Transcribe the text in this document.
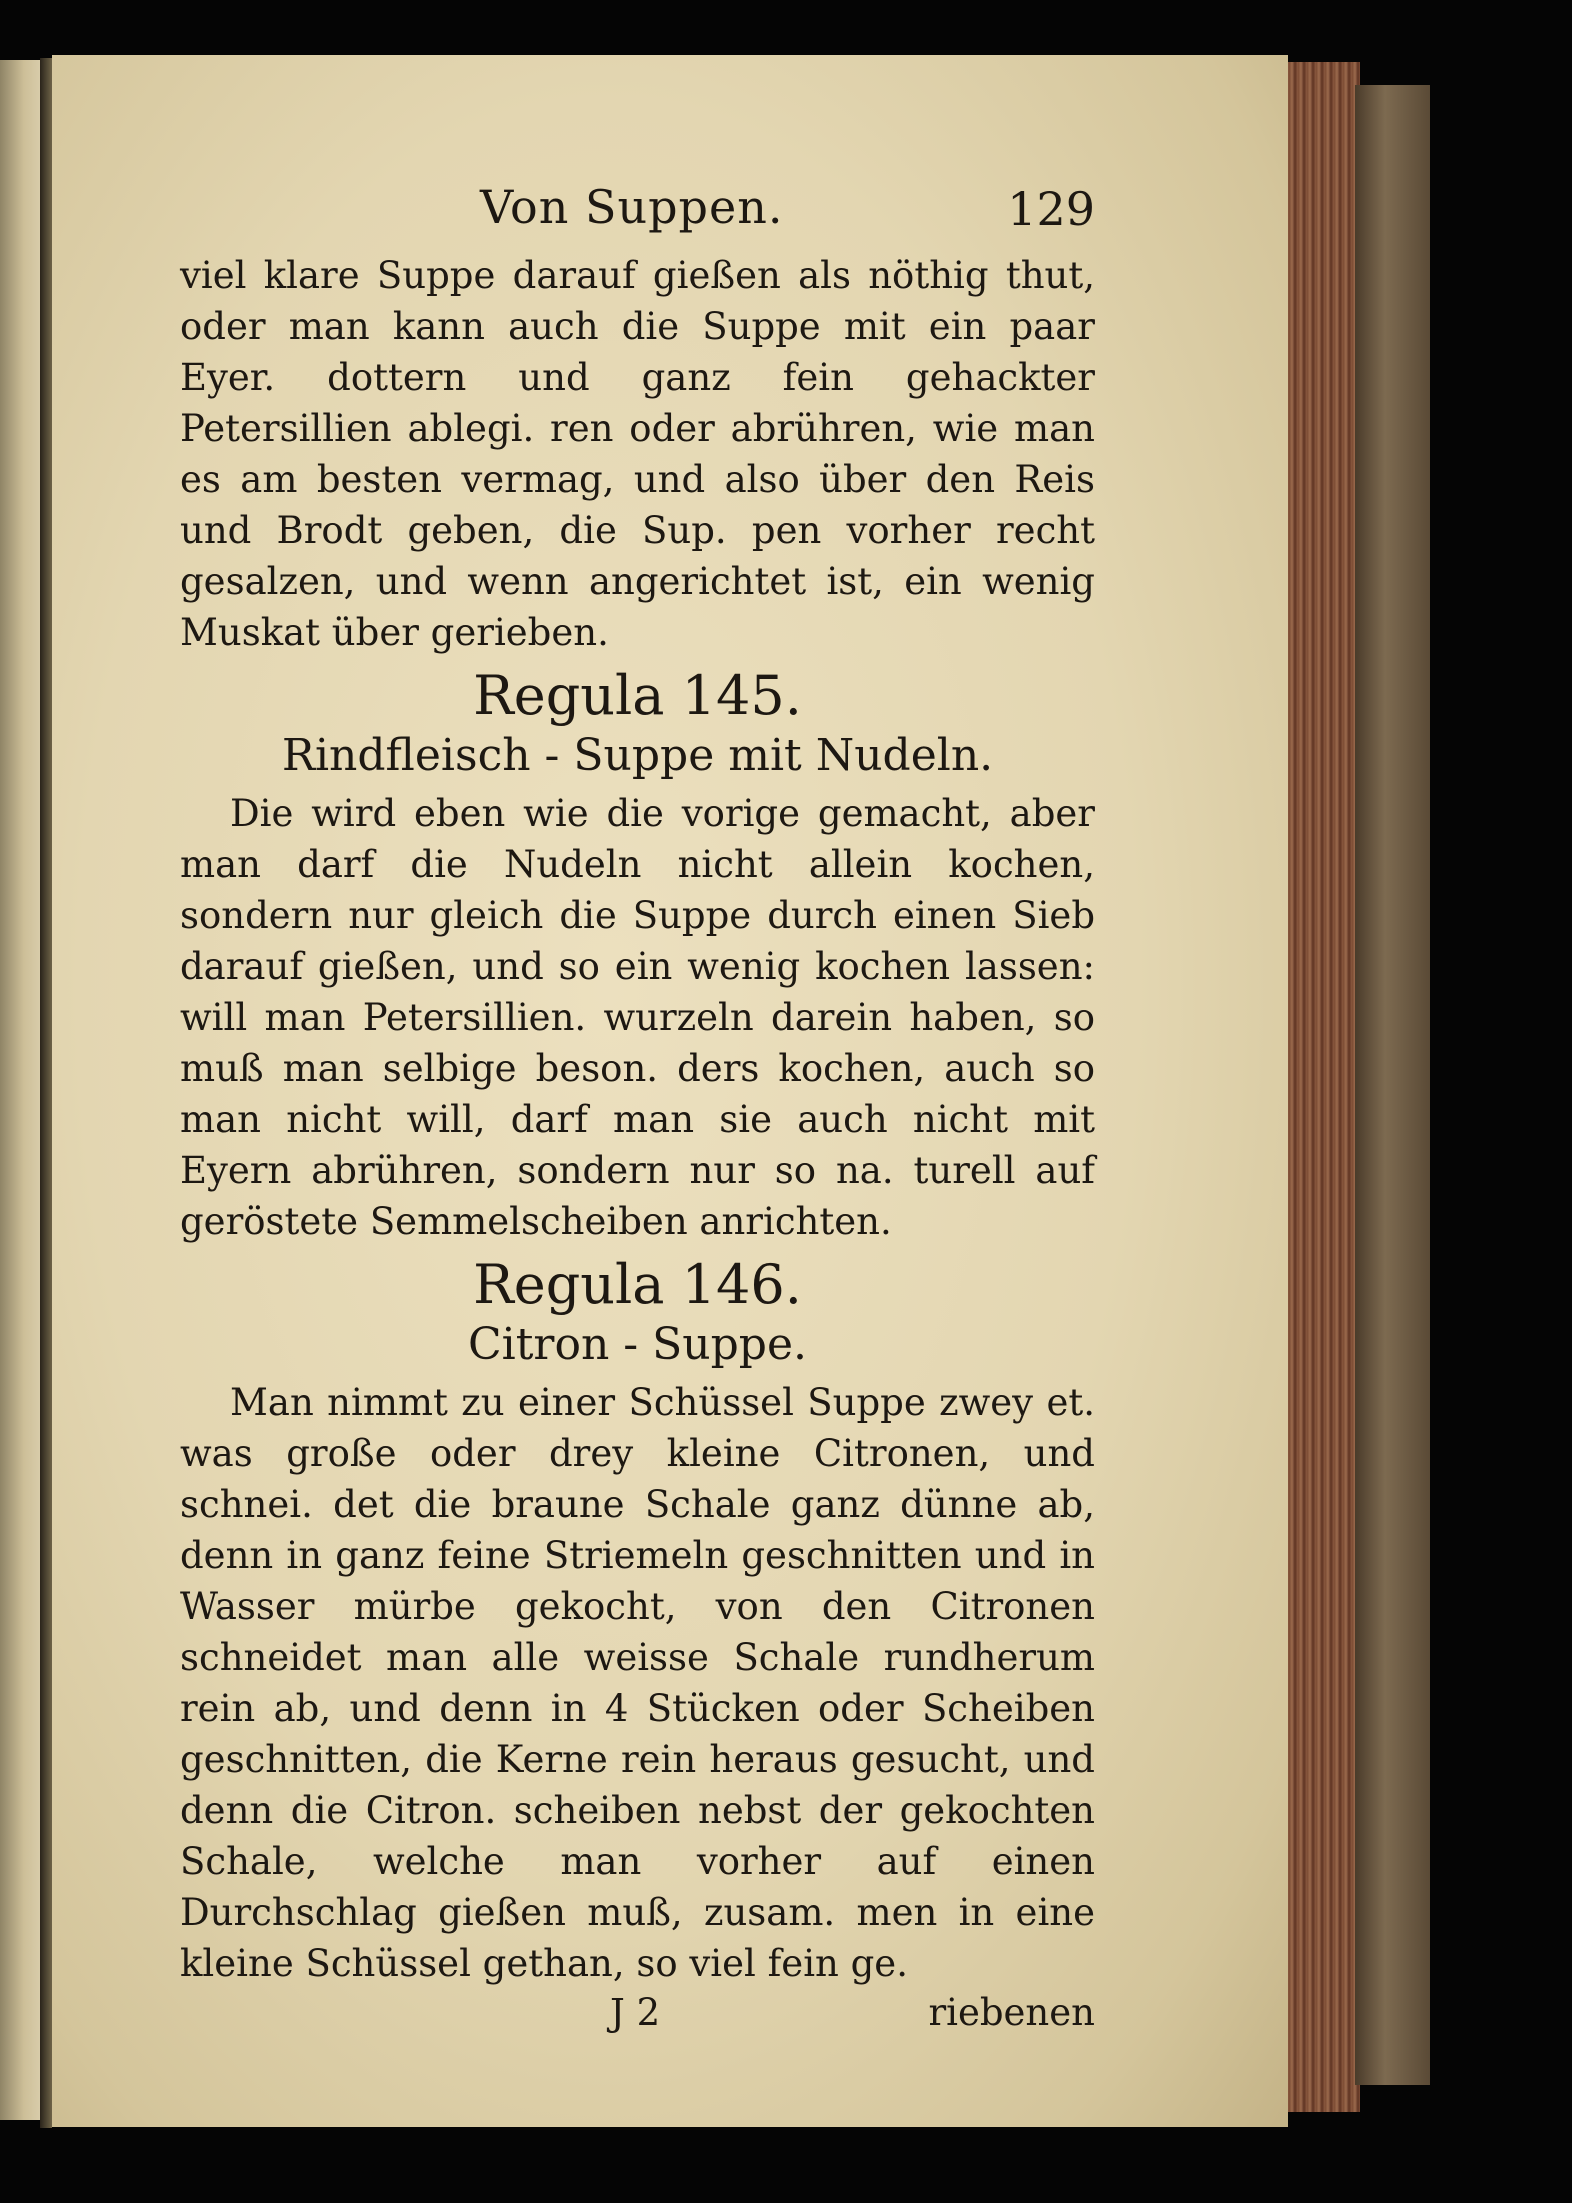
Von Suppen.	129

viel klare Suppe darauf gießen als nöthig thut, oder man kann auch die Suppe mit ein paar Eyer. dottern und ganz fein gehackter Petersillien ablegi. ren oder abrühren, wie man es am besten vermag, und also über den Reis und Brodt geben, die Sup. pen vorher recht gesalzen, und wenn angerichtet ist, ein wenig Muskat über gerieben.

Regula 145.
Rindfleisch - Suppe mit Nudeln.

Die wird eben wie die vorige gemacht, aber man darf die Nudeln nicht allein kochen, sondern nur gleich die Suppe durch einen Sieb darauf gießen, und so ein wenig kochen lassen: will man Petersillien. wurzeln darein haben, so muß man selbige beson. ders kochen, auch so man nicht will, darf man sie auch nicht mit Eyern abrühren, sondern nur so na. turell auf geröstete Semmelscheiben anrichten.

Regula 146.
Citron - Suppe.

Man nimmt zu einer Schüssel Suppe zwey et. was große oder drey kleine Citronen, und schnei. det die braune Schale ganz dünne ab, denn in ganz feine Striemeln geschnitten und in Wasser mürbe gekocht, von den Citronen schneidet man alle weisse Schale rundherum rein ab, und denn in 4 Stücken oder Scheiben geschnitten, die Kerne rein heraus gesucht, und denn die Citron. scheiben nebst der gekochten Schale, welche man vorher auf einen Durchschlag gießen muß, zusam. men in eine kleine Schüssel gethan, so viel fein ge.

J 2	riebenen
